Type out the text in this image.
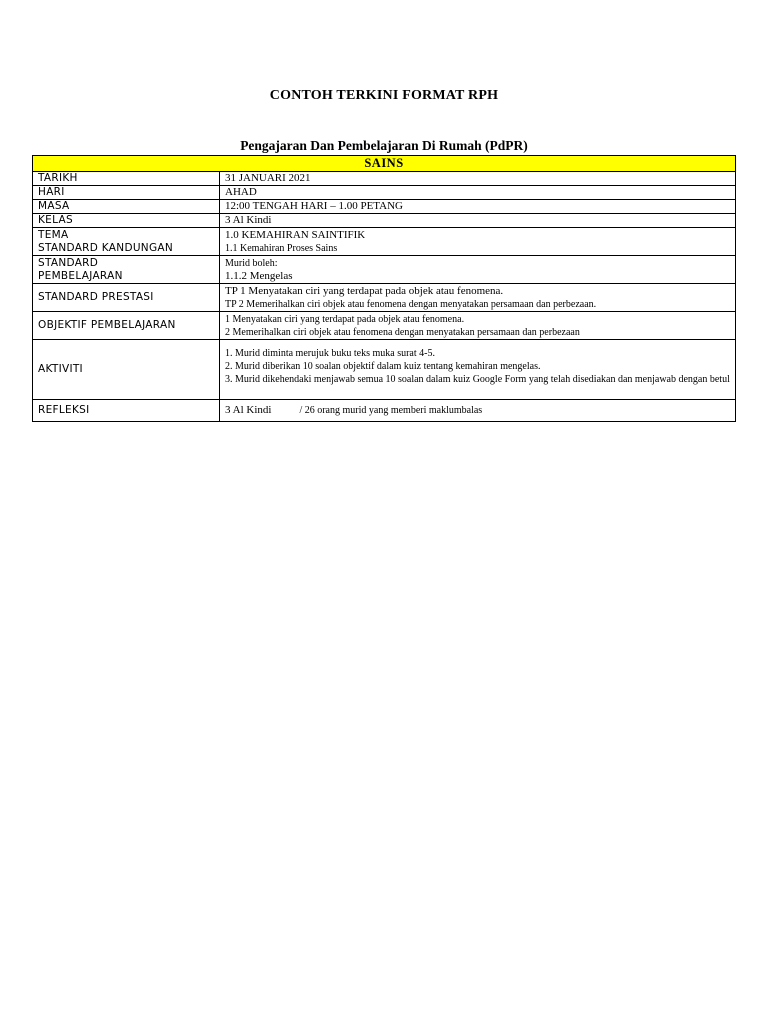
CONTOH TERKINI FORMAT RPH
Pengajaran Dan Pembelajaran Di Rumah (PdPR)
SAINS	
TARIKH	31 JANUARI 2021
HARI	AHAD
MASA	12:00 TENGAH HARI – 1.00 PETANG
KELAS	3 Al Kindi

TEMA
STANDARD KANDUNGAN	1.0 KEMAHIRAN SAINTIFIK
1.1 Kemahiran Proses Sains

STANDARD
PEMBELAJARAN	Murid boleh:
1.1.2 Mengelas

STANDARD PRESTASI	TP 1 Menyatakan ciri yang terdapat pada objek atau fenomena.
TP 2 Memerihalkan ciri objek atau fenomena dengan menyatakan persamaan dan perbezaan.

OBJEKTIF PEMBELAJARAN	1 Menyatakan ciri yang terdapat pada objek atau fenomena.
2 Memerihalkan ciri objek atau fenomena dengan menyatakan persamaan dan perbezaan

AKTIVITI	1. Murid diminta merujuk buku teks muka surat 4-5.
2. Murid diberikan 10 soalan objektif dalam kuiz tentang kemahiran mengelas.
3. Murid dikehendaki menjawab semua 10 soalan dalam kuiz Google Form yang telah disediakan dan menjawab dengan betul

REFLEKSI	3 Al Kindi / 26 orang murid yang memberi maklumbalas
